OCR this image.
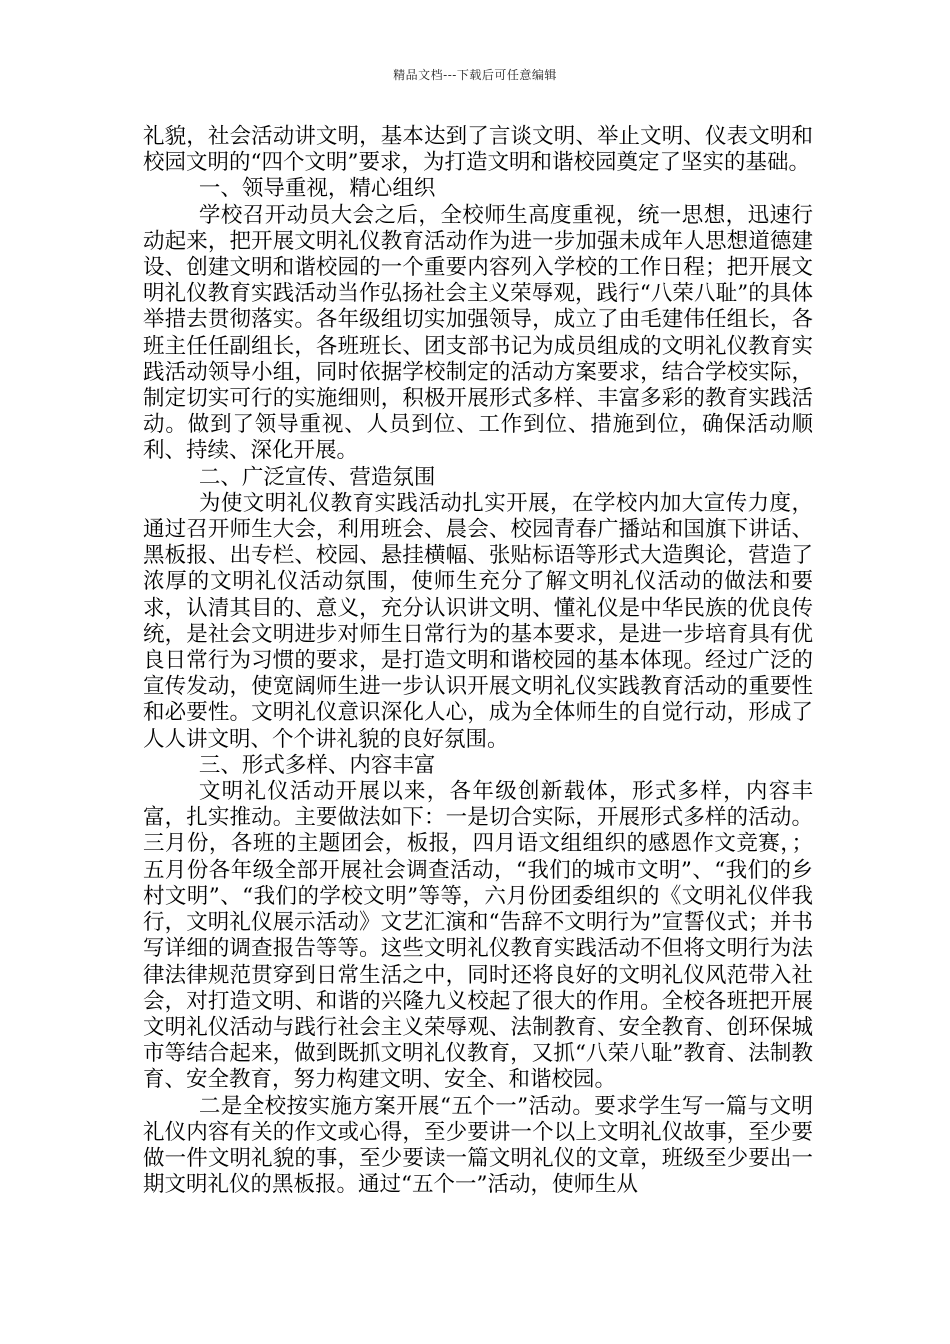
精品文档---下载后可任意编辑

礼貌，社会活动讲文明，基本达到了言谈文明、举止文明、仪表文明和校园文明的“四个文明”要求，为打造文明和谐校园奠定了坚实的基础。

一、领导重视，精心组织

学校召开动员大会之后，全校师生高度重视，统一思想，迅速行动起来，把开展文明礼仪教育活动作为进一步加强未成年人思想道德建设、创建文明和谐校园的一个重要内容列入学校的工作日程；把开展文明礼仪教育实践活动当作弘扬社会主义荣辱观，践行“八荣八耻”的具体举措去贯彻落实。各年级组切实加强领导，成立了由毛建伟任组长，各班主任任副组长，各班班长、团支部书记为成员组成的文明礼仪教育实践活动领导小组，同时依据学校制定的活动方案要求，结合学校实际，制定切实可行的实施细则，积极开展形式多样、丰富多彩的教育实践活动。做到了领导重视、人员到位、工作到位、措施到位，确保活动顺利、持续、深化开展。

二、广泛宣传、营造氛围

为使文明礼仪教育实践活动扎实开展，在学校内加大宣传力度，通过召开师生大会，利用班会、晨会、校园青春广播站和国旗下讲话、黑板报、出专栏、校园、悬挂横幅、张贴标语等形式大造舆论，营造了浓厚的文明礼仪活动氛围，使师生充分了解文明礼仪活动的做法和要求，认清其目的、意义，充分认识讲文明、懂礼仪是中华民族的优良传统，是社会文明进步对师生日常行为的基本要求，是进一步培育具有优良日常行为习惯的要求，是打造文明和谐校园的基本体现。经过广泛的宣传发动，使宽阔师生进一步认识开展文明礼仪实践教育活动的重要性和必要性。文明礼仪意识深化人心，成为全体师生的自觉行动，形成了人人讲文明、个个讲礼貌的良好氛围。

三、形式多样、内容丰富

文明礼仪活动开展以来，各年级创新载体，形式多样，内容丰富，扎实推动。主要做法如下：一是切合实际，开展形式多样的活动。三月份，各班的主题团会，板报，四月语文组组织的感恩作文竞赛，；五月份各年级全部开展社会调查活动，“我们的城市文明”、“我们的乡村文明”、“我们的学校文明”等等，六月份团委组织的《文明礼仪伴我行，文明礼仪展示活动》文艺汇演和“告辞不文明行为”宣誓仪式；并书写详细的调查报告等等。这些文明礼仪教育实践活动不但将文明行为法律法律规范贯穿到日常生活之中，同时还将良好的文明礼仪风范带入社会，对打造文明、和谐的兴隆九义校起了很大的作用。全校各班把开展文明礼仪活动与践行社会主义荣辱观、法制教育、安全教育、创环保城市等结合起来，做到既抓文明礼仪教育，又抓“八荣八耻”教育、法制教育、安全教育，努力构建文明、安全、和谐校园。

二是全校按实施方案开展“五个一”活动。要求学生写一篇与文明礼仪内容有关的作文或心得，至少要讲一个以上文明礼仪故事，至少要做一件文明礼貌的事，至少要读一篇文明礼仪的文章，班级至少要出一期文明礼仪的黑板报。通过“五个一”活动，使师生从
